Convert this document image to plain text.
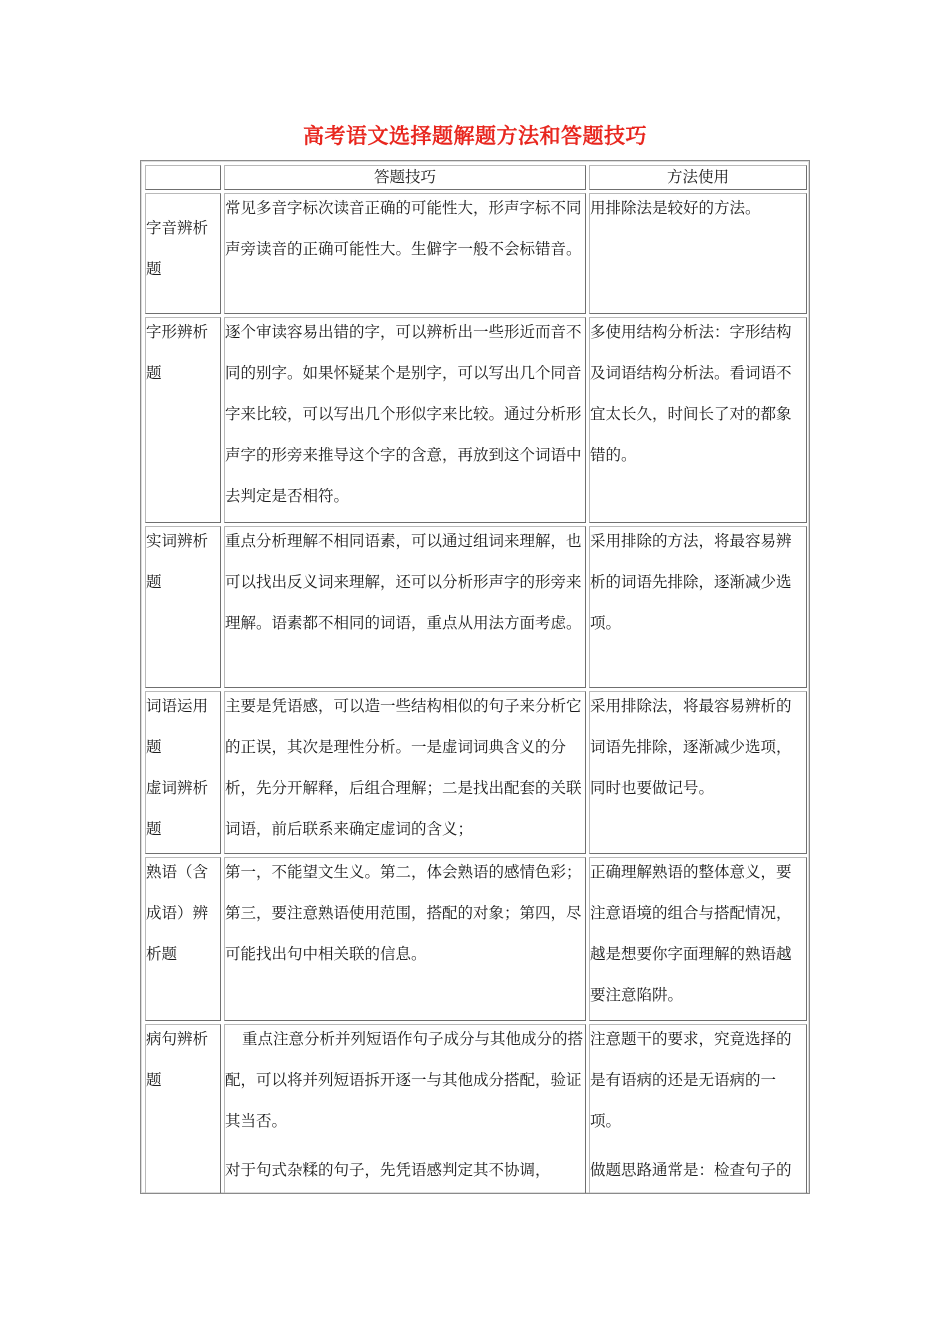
高考语文选择题解题方法和答题技巧
答题技巧	方法使用
字音辨析题
常见多音字标次读音正确的可能性大，形声字标不同声旁读音的正确可能性大。生僻字一般不会标错音。
用排除法是较好的方法。
字形辨析题
逐个审读容易出错的字，可以辨析出一些形近而音不同的别字。如果怀疑某个是别字，可以写出几个同音字来比较，可以写出几个形似字来比较。通过分析形声字的形旁来推导这个字的含意，再放到这个词语中去判定是否相符。
多使用结构分析法：字形结构及词语结构分析法。看词语不宜太长久，时间长了对的都象错的。
实词辨析题
重点分析理解不相同语素，可以通过组词来理解，也可以找出反义词来理解，还可以分析形声字的形旁来理解。语素都不相同的词语，重点从用法方面考虑。
采用排除的方法，将最容易辨析的词语先排除，逐渐减少选项。
词语运用题
虚词辨析题
主要是凭语感，可以造一些结构相似的句子来分析它的正误，其次是理性分析。一是虚词词典含义的分析，先分开解释，后组合理解；二是找出配套的关联词语，前后联系来确定虚词的含义；
采用排除法，将最容易辨析的词语先排除，逐渐减少选项，同时也要做记号。
熟语（含成语）辨析题
第一，不能望文生义。第二，体会熟语的感情色彩；第三，要注意熟语使用范围，搭配的对象；第四，尽可能找出句中相关联的信息。
正确理解熟语的整体意义，要注意语境的组合与搭配情况，越是想要你字面理解的熟语越要注意陷阱。
病句辨析题
重点注意分析并列短语作句子成分与其他成分的搭配，可以将并列短语拆开逐一与其他成分搭配，验证其当否。
对于句式杂糅的句子，先凭语感判定其不协调，
注意题干的要求，究竟选择的是有语病的还是无语病的一项。
做题思路通常是：检查句子的
